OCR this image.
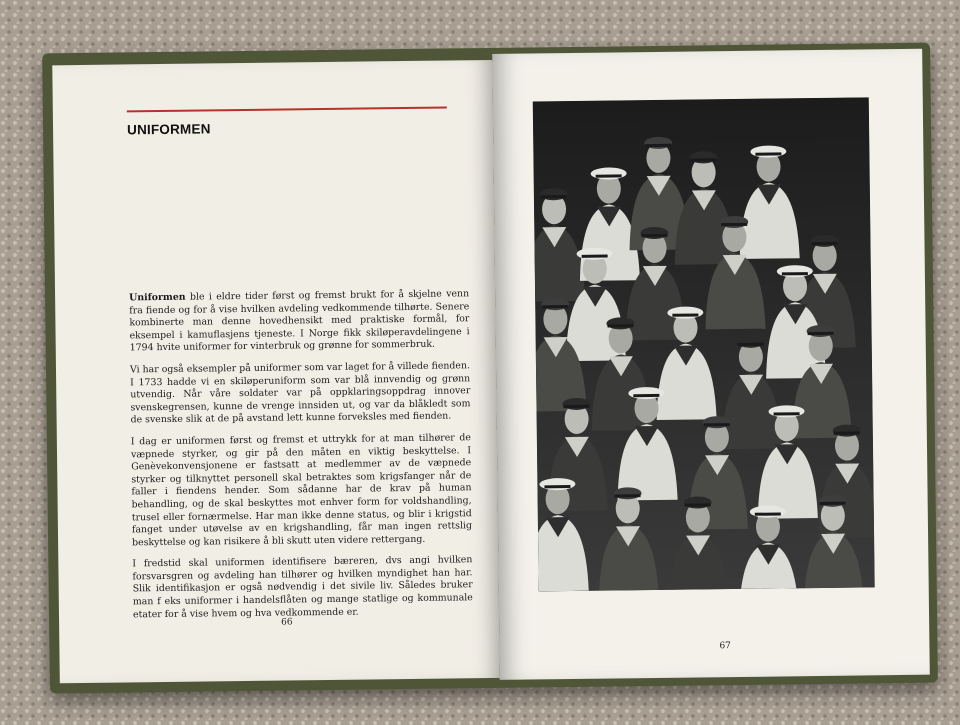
UNIFORMEN

Uniformen ble i eldre tider først og fremst brukt for å skjelne venn fra fiende og for å vise hvilken avdeling vedkommende tilhørte. Senere kombinerte man denne hovedhensikt med praktiske formål, for eksempel i kamuflasjens tjeneste. I Norge fikk skiløperavdelingene i 1794 hvite uniformer for vinterbruk og grønne for sommerbruk.

Vi har også eksempler på uniformer som var laget for å villede fienden. I 1733 hadde vi en skiløperuniform som var blå innvendig og grønn utvendig. Når våre soldater var på oppklaringsoppdrag innover svenskegrensen, kunne de vrenge innsiden ut, og var da blåkledt som de svenske slik at de på avstand lett kunne forveksles med fienden.

I dag er uniformen først og fremst et uttrykk for at man tilhører de væpnede styrker, og gir på den måten en viktig beskyttelse. I Genèvekonvensjonene er fastsatt at medlemmer av de væpnede styrker og tilknyttet personell skal betraktes som krigsfanger når de faller i fiendens hender. Som sådanne har de krav på human behandling, og de skal beskyttes mot enhver form for voldshandling, trusel eller fornærmelse. Har man ikke denne status, og blir i krigstid fanget under utøvelse av en krigshandling, får man ingen rettslig beskyttelse og kan risikere å bli skutt uten videre rettergang.

I fredstid skal uniformen identifisere bæreren, dvs angi hvilken forsvarsgren og avdeling han tilhører og hvilken myndighet han har. Slik identifikasjon er også nødvendig i det sivile liv. Således bruker man f eks uniformer i handelsflåten og mange statlige og kommunale etater for å vise hvem og hva vedkommende er.

66
67
